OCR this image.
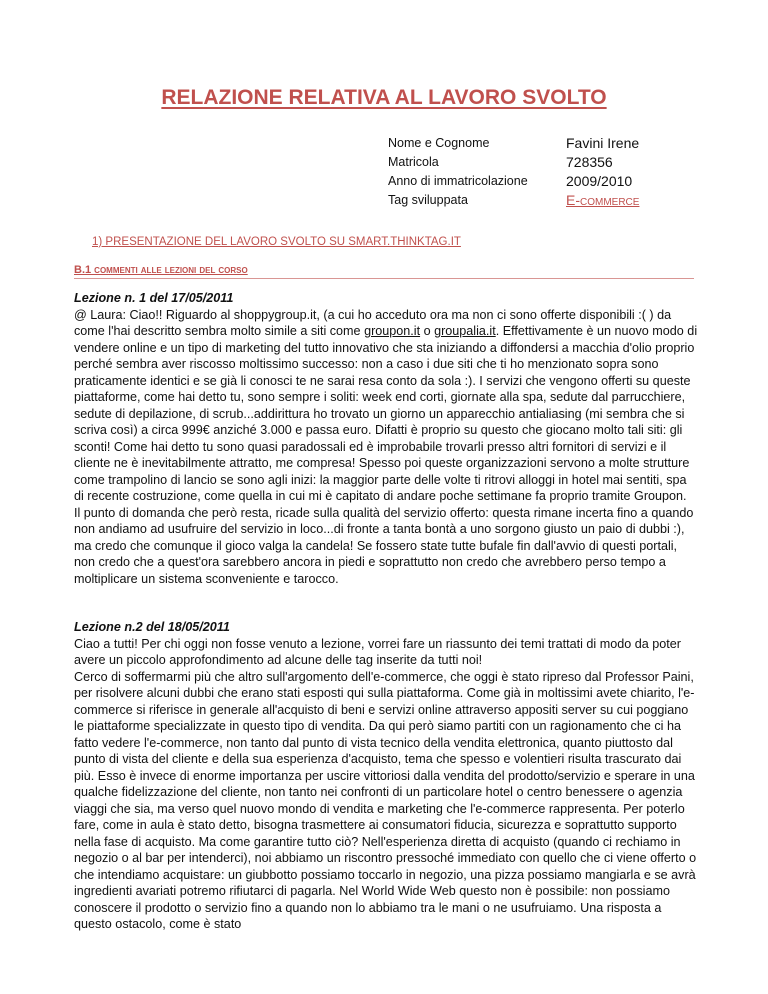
RELAZIONE RELATIVA AL LAVORO SVOLTO
Nome e Cognome	Favini Irene
Matricola	728356
Anno di immatricolazione	2009/2010
Tag sviluppata	E-commerce
1) PRESENTAZIONE DEL LAVORO SVOLTO SU SMART.THINKTAG.IT
B.1 commenti alle lezioni del corso
Lezione n. 1 del 17/05/2011

@ Laura: Ciao!! Riguardo al shoppygroup.it, (a cui ho acceduto ora ma non ci sono offerte disponibili :( ) da come l'hai descritto sembra molto simile a siti come groupon.it o groupalia.it. Effettivamente è un nuovo modo di vendere online e un tipo di marketing del tutto innovativo che sta iniziando a diffondersi a macchia d'olio proprio perché sembra aver riscosso moltissimo successo: non a caso i due siti che ti ho menzionato sopra sono praticamente identici e se già li conosci te ne sarai resa conto da sola :). I servizi che vengono offerti su queste piattaforme, come hai detto tu, sono sempre i soliti: week end corti, giornate alla spa, sedute dal parrucchiere, sedute di depilazione, di scrub...addirittura ho trovato un giorno un apparecchio antialiasing (mi sembra che si scriva così) a circa 999€ anziché 3.000 e passa euro. Difatti è proprio su questo che giocano molto tali siti: gli sconti! Come hai detto tu sono quasi paradossali ed è improbabile trovarli presso altri fornitori di servizi e il cliente ne è inevitabilmente attratto, me compresa! Spesso poi queste organizzazioni servono a molte strutture come trampolino di lancio se sono agli inizi: la maggior parte delle volte ti ritrovi alloggi in hotel mai sentiti, spa di recente costruzione, come quella in cui mi è capitato di andare poche settimane fa proprio tramite Groupon.

Il punto di domanda che però resta, ricade sulla qualità del servizio offerto: questa rimane incerta fino a quando non andiamo ad usufruire del servizio in loco...di fronte a tanta bontà a uno sorgono giusto un paio di dubbi :), ma credo che comunque il gioco valga la candela! Se fossero state tutte bufale fin dall'avvio di questi portali, non credo che a quest'ora sarebbero ancora in piedi e soprattutto non credo che avrebbero perso tempo a moltiplicare un sistema sconveniente e tarocco.

Lezione n.2 del 18/05/2011

Ciao a tutti! Per chi oggi non fosse venuto a lezione, vorrei fare un riassunto dei temi trattati di modo da poter avere un piccolo approfondimento ad alcune delle tag inserite da tutti noi!

Cerco di soffermarmi più che altro sull'argomento dell'e-commerce, che oggi è stato ripreso dal Professor Paini, per risolvere alcuni dubbi che erano stati esposti qui sulla piattaforma. Come già in moltissimi avete chiarito, l'e-commerce si riferisce in generale all'acquisto di beni e servizi online attraverso appositi server su cui poggiano le piattaforme specializzate in questo tipo di vendita. Da qui però siamo partiti con un ragionamento che ci ha fatto vedere l'e-commerce, non tanto dal punto di vista tecnico della vendita elettronica, quanto piuttosto dal punto di vista del cliente e della sua esperienza d'acquisto, tema che spesso e volentieri risulta trascurato dai più. Esso è invece di enorme importanza per uscire vittoriosi dalla vendita del prodotto/servizio e sperare in una qualche fidelizzazione del cliente, non tanto nei confronti di un particolare hotel o centro benessere o agenzia viaggi che sia, ma verso quel nuovo mondo di vendita e marketing che l'e-commerce rappresenta. Per poterlo fare, come in aula è stato detto, bisogna trasmettere ai consumatori fiducia, sicurezza e soprattutto supporto nella fase di acquisto. Ma come garantire tutto ciò? Nell'esperienza diretta di acquisto (quando ci rechiamo in negozio o al bar per intenderci), noi abbiamo un riscontro pressoché immediato con quello che ci viene offerto o che intendiamo acquistare: un giubbotto possiamo toccarlo in negozio, una pizza possiamo mangiarla e se avrà ingredienti avariati potremo rifiutarci di pagarla. Nel World Wide Web questo non è possibile: non possiamo conoscere il prodotto o servizio fino a quando non lo abbiamo tra le mani o ne usufruiamo. Una risposta a questo ostacolo, come è stato
